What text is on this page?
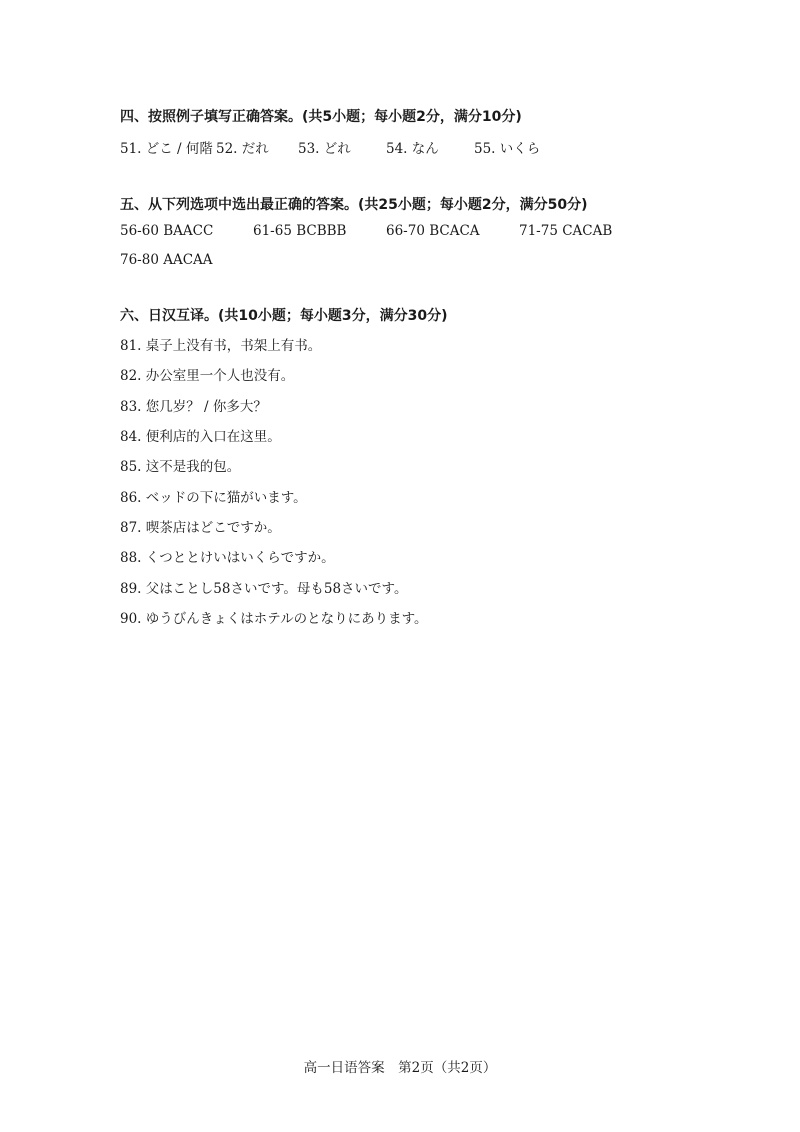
四、按照例子填写正确答案。(共5小题；每小题2分，满分10分)
51. どこ / 何階 52. だれ 53. どれ	54. なん	55. いくら
五、从下列选项中选出最正确的答案。(共25小题；每小题2分，满分50分)
56-60 BAACC	61-65 BCBBB	66-70 BCACA	71-75 CACAB
76-80 AACAA
六、日汉互译。(共10小题；每小题3分，满分30分)
81. 桌子上没有书，书架上有书。
82. 办公室里一个人也没有。
83. 您几岁？ / 你多大？
84. 便利店的入口在这里。
85. 这不是我的包。
86. ベッドの下に猫がいます。
87. 喫茶店はどこですか。
88. くつととけいはいくらですか。
89. 父はことし58さいです。母も58さいです。
90. ゆうびんきょくはホテルのとなりにあります。
高一日语答案　第2页（共2页）
